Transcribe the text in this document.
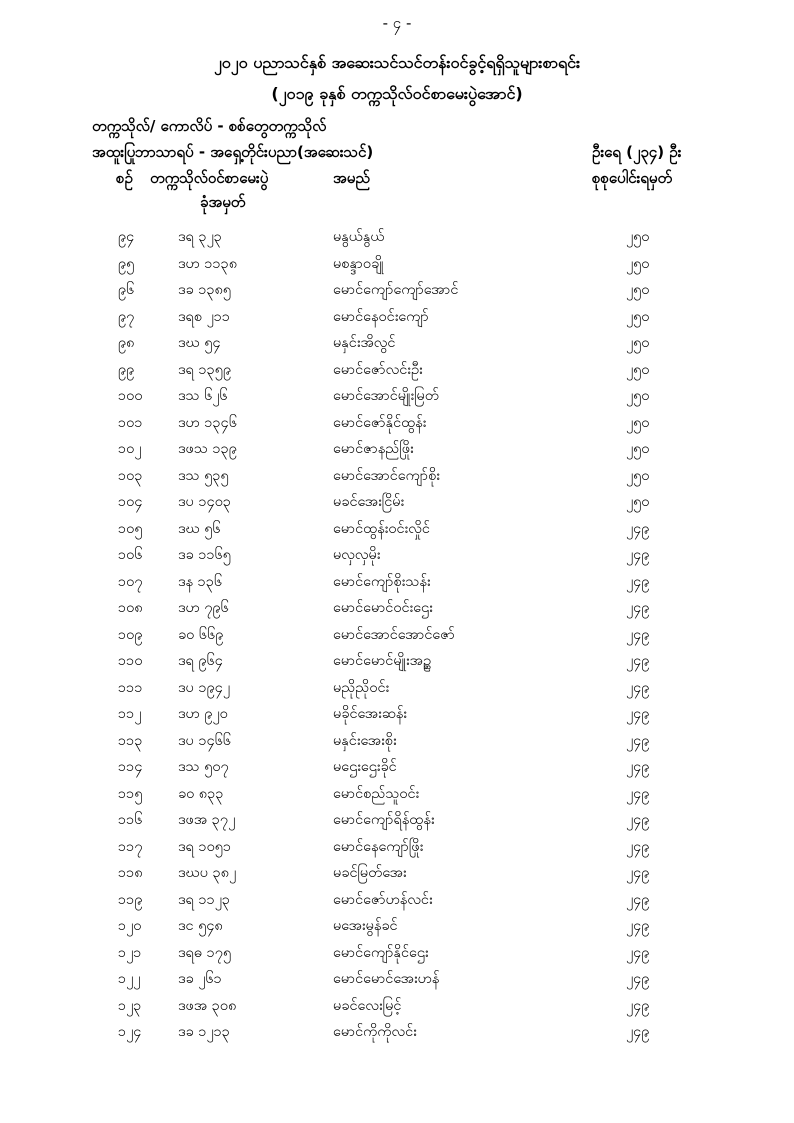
- ၄ -
၂၀၂၀ ပညာသင်နှစ် အဆေးသင်သင်တန်းဝင်ခွင့်ရရှိသူများစာရင်း
(၂၀၁၉ ခုနှစ် တက္ကသိုလ်ဝင်စာမေးပွဲအောင်)
တက္ကသိုလ်/ ကောလိပ် - စစ်တွေတက္ကသိုလ်
အထူးပြုဘာသာရပ် - အရှေ့တိုင်းပညာ(အဆေးသင်)	ဦးရေ (၂၃၄) ဦး
စဉ် တက္ကသိုလ်ဝင်စာမေးပွဲ
ခုံအမှတ်
အမည်	စုစုပေါင်းရမှတ်
၉၄	ဒရ ၃၂၃	မနွယ်နွယ်	၂၅၀
၉၅	ဒဟ ၁၁၃၈	မစန္ဒာဝချို	၂၅၀
၉၆	ဒခ ၁၃၈၅	မောင်ကျော်ကျော်အောင်	၂၅၀
၉၇	ဒရစ ၂၁၁	မောင်နေဝင်းကျော်	၂၅၀
၉၈	ဒဃ ၅၄	မနှင်းအိလွင်	၂၅၀
၉၉	ဒရ ၁၃၅၉	မောင်ဇော်လင်းဦး	၂၅၀
၁၀၀ ဒသ ၆၂၆	မောင်အောင်မျိုးမြတ်	၂၅၀
၁၀၁ ဒဟ ၁၃၄၆	မောင်ဇော်နိုင်ထွန်း	၂၅၀
၁၀၂	ဒဖသ ၁၃၉	မောင်ဇာနည်ဖြိုး	၂၅၀
၁၀၃ ဒသ ၅၃၅	မောင်အောင်ကျော်စိုး	၂၅၀
၁၀၄ ဒပ ၁၄၀၃	မခင်အေးငြိမ်း	၂၅၀
၁၀၅ ဒဃ ၅၆	မောင်ထွန်းဝင်းလှိုင်	၂၄၉
၁၀၆ ဒခ ၁၁၆၅	မလှလှမိုး	၂၄၉
၁၀၇ ဒန ၁၃၆	မောင်ကျော်စိုးသန်း	၂၄၉
၁၀၈ ဒဟ ၇၉၆	မောင်မောင်ဝင်းဌေး	၂၄၉
၁၀၉ ခဝ ၆၆၉	မောင်အောင်အောင်ဇော်	၂၄၉
၁၁၀ ဒရ ၉၆၄	မောင်မောင်မျိုးအဥ္ဆ	၂၄၉
၁၁၁ ဒပ ၁၉၄၂	မညိုညိုဝင်း	၂၄၉
၁၁၂	ဒဟ ၉၂၀	မခိုင်အေးဆန်း	၂၄၉
၁၁၃ ဒပ ၁၄၆၆	မနှင်းအေးစိုး	၂၄၉
၁၁၄ ဒသ ၅၀၇	မဌေးဌေးခိုင်	၂၄၉
၁၁၅ ခဝ ၈၃၃	မောင်စည်သူဝင်း	၂၄၉
၁၁၆ ဒဖအ ၃၇၂	မောင်ကျော်ရိန်ထွန်း	၂၄၉
၁၁၇ ဒရ ၁၀၅၁	မောင်နေကျော်ဖြိုး	၂၄၉
၁၁၈ ဒဃပ ၃၈၂	မခင်မြတ်အေး	၂၄၉
၁၁၉ ဒရ ၁၁၂၃	မောင်ဇော်ဟန်လင်း	၂၄၉
၁၂၀	ဒင ၅၄၈	မအေးမွန်ခင်	၂၄၉
၁၂၁	ဒရဓ ၁၇၅	မောင်ကျော်နိုင်ဌေး	၂၄၉
၁၂၂	ဒခ ၂၆၁	မောင်မောင်အေးဟန်	၂၄၉
၁၂၃	ဒဖအ ၃၀၈	မခင်လေးမြင့်	၂၄၉
၁၂၄	ဒခ ၁၂၁၃	မောင်ကိုကိုလင်း	၂၄၉
